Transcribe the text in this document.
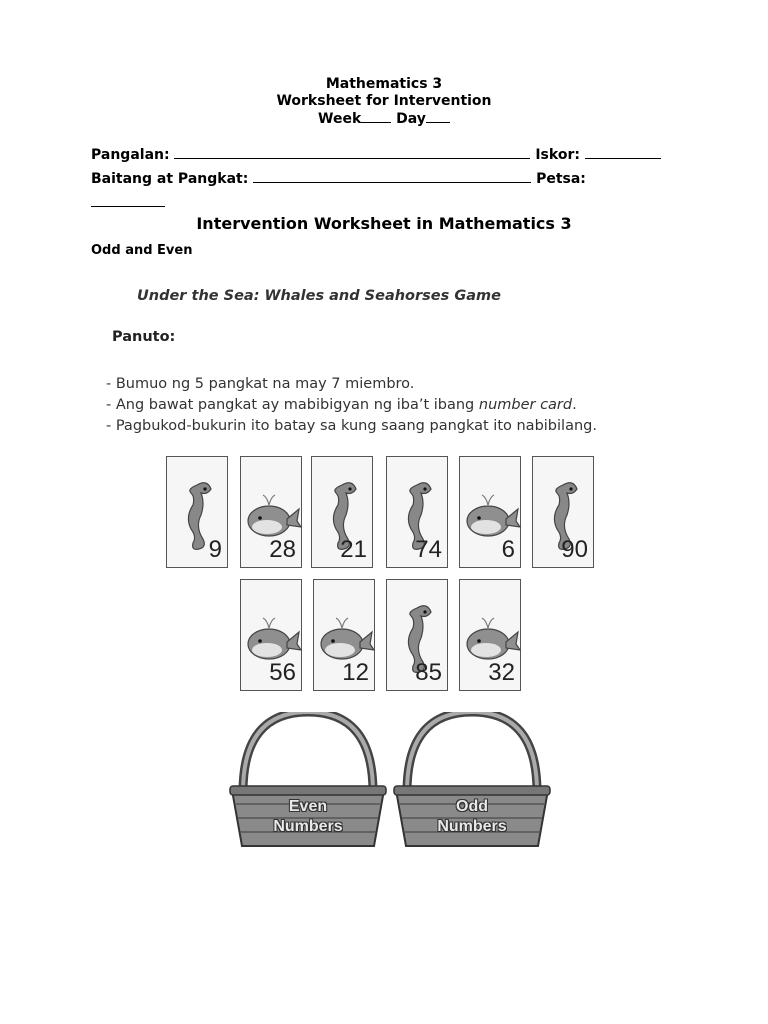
Mathematics 3
Worksheet for Intervention
Week Day
Pangalan:	Iskor:
Baitang at Pangkat:	Petsa:
Intervention Worksheet in Mathematics 3
Odd and Even
Under the Sea: Whales and Seahorses Game
Panuto:
- Bumuo ng 5 pangkat na may 7 miembro.
- Ang bawat pangkat ay mabibigyan ng iba’t ibang number card.
- Pagbukod-bukurin ito batay sa kung saang pangkat ito nabibilang.
9 28 21 74 6 90
56 12 85 32
Even
Numbers
Odd
Numbers
